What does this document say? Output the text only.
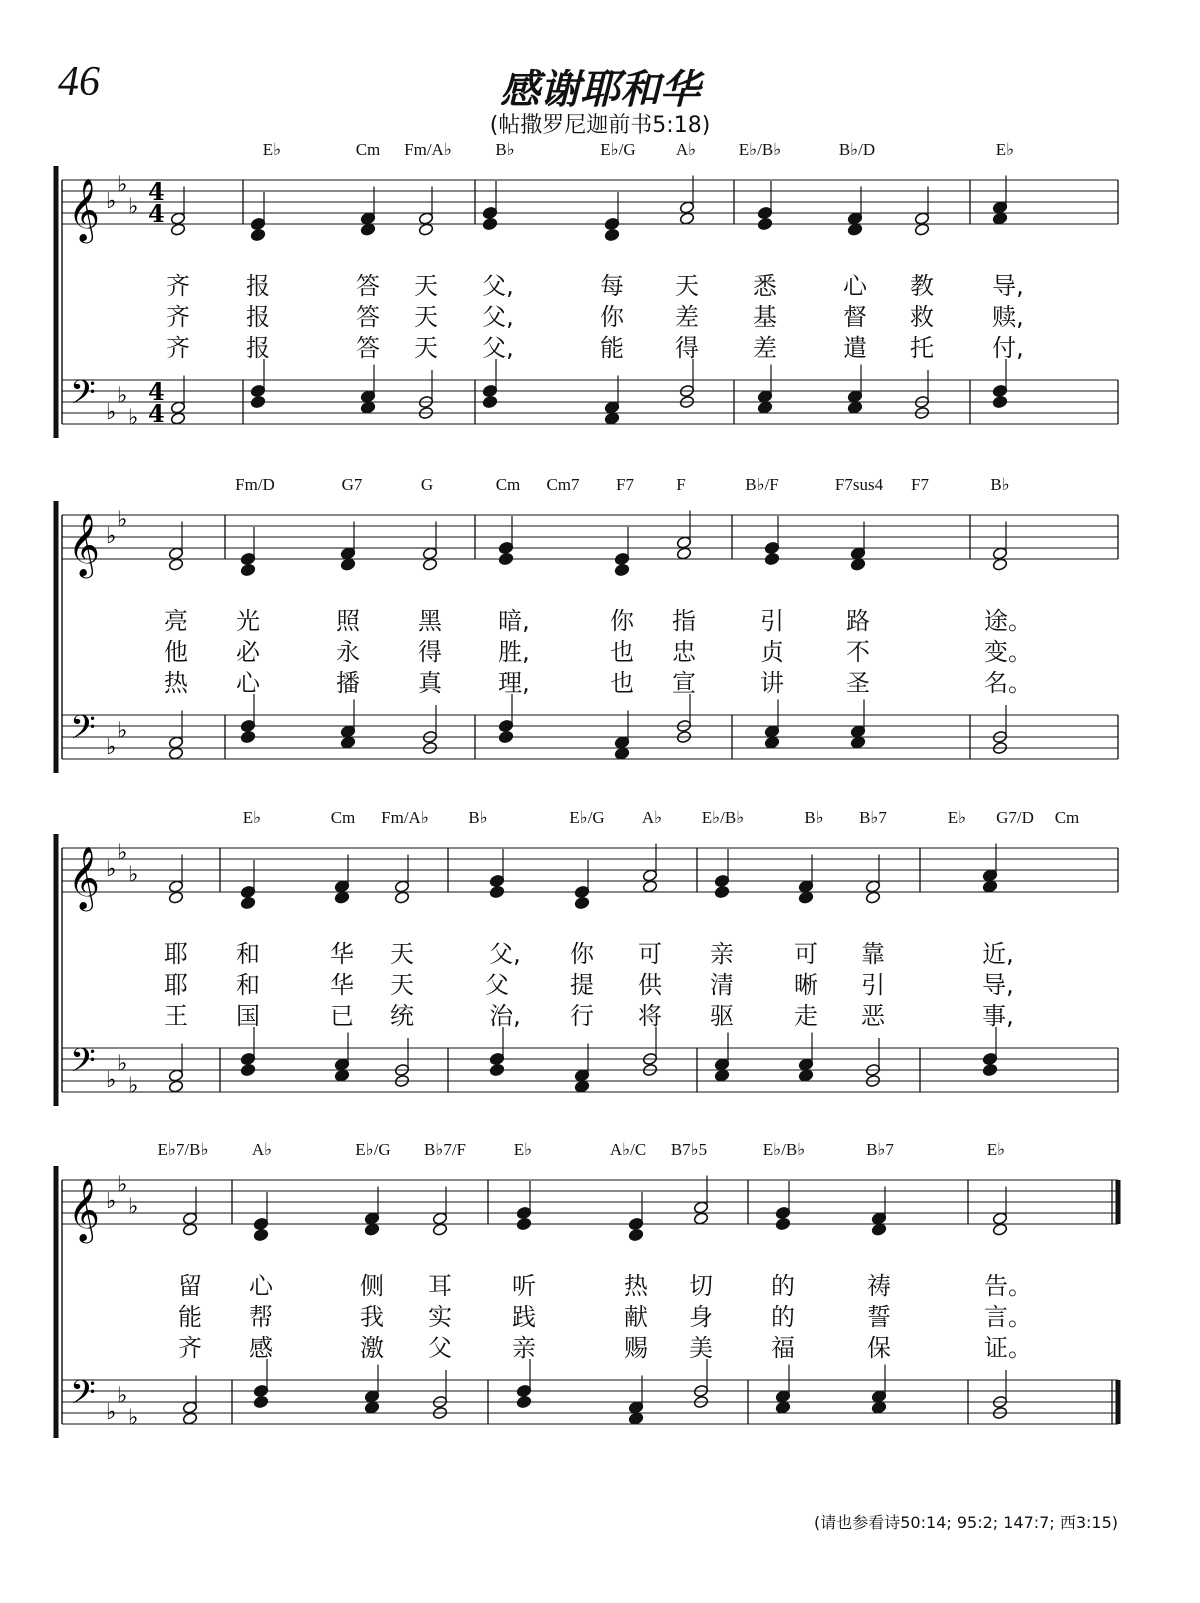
46	感谢耶和华
(帖撒罗尼迦前书5:18)
𝄞
𝄢
♭
♭
♭
♭
♭
♭
4
4
4
4
E♭	Cm Fm/A♭	B♭	E♭/G A♭	E♭/B♭	B♭/D	E♭
齐 报	答 天 父,	每 天 悉	心 教 导,
齐 报	答 天 父,	你 差 基	督 救 赎,
齐 报	答 天 父,	能 得 差	遣 托 付,
𝄞
𝄢
♭
♭
♭
♭
Fm/D	G7	G	Cm Cm7 F7 F	B♭/F	F7sus4 F7	B♭
亮 光	照 黑 暗,	你 指	引	路	途。
他 必	永 得 胜,	也 忠	贞	不	变。
热 心	播 真 理,	也 宣	讲	圣	名。
𝄞
𝄢
♭
♭
♭
♭
♭
♭
E♭	Cm Fm/A♭ B♭	E♭/G A♭ E♭/B♭	B♭ B♭7	E♭ G7/D Cm
耶 和	华 天	父, 你 可 亲	可 靠	近,
耶 和	华 天	父	提 供 清	晰 引	导,
王 国	已 统	治, 行 将 驱	走 恶	事,
𝄞
𝄢
♭
♭
♭
♭
♭
♭
E♭7/B♭	A♭	E♭/G B♭7/F	E♭	A♭/C B7♭5	E♭/B♭	B♭7	E♭
留 心	侧 耳	听	热 切 的	祷	告。
能 帮	我 实	践	献 身 的	誓	言。
齐 感	激 父	亲	赐 美 福	保	证。
(请也参看诗50:14; 95:2; 147:7; 西3:15)
